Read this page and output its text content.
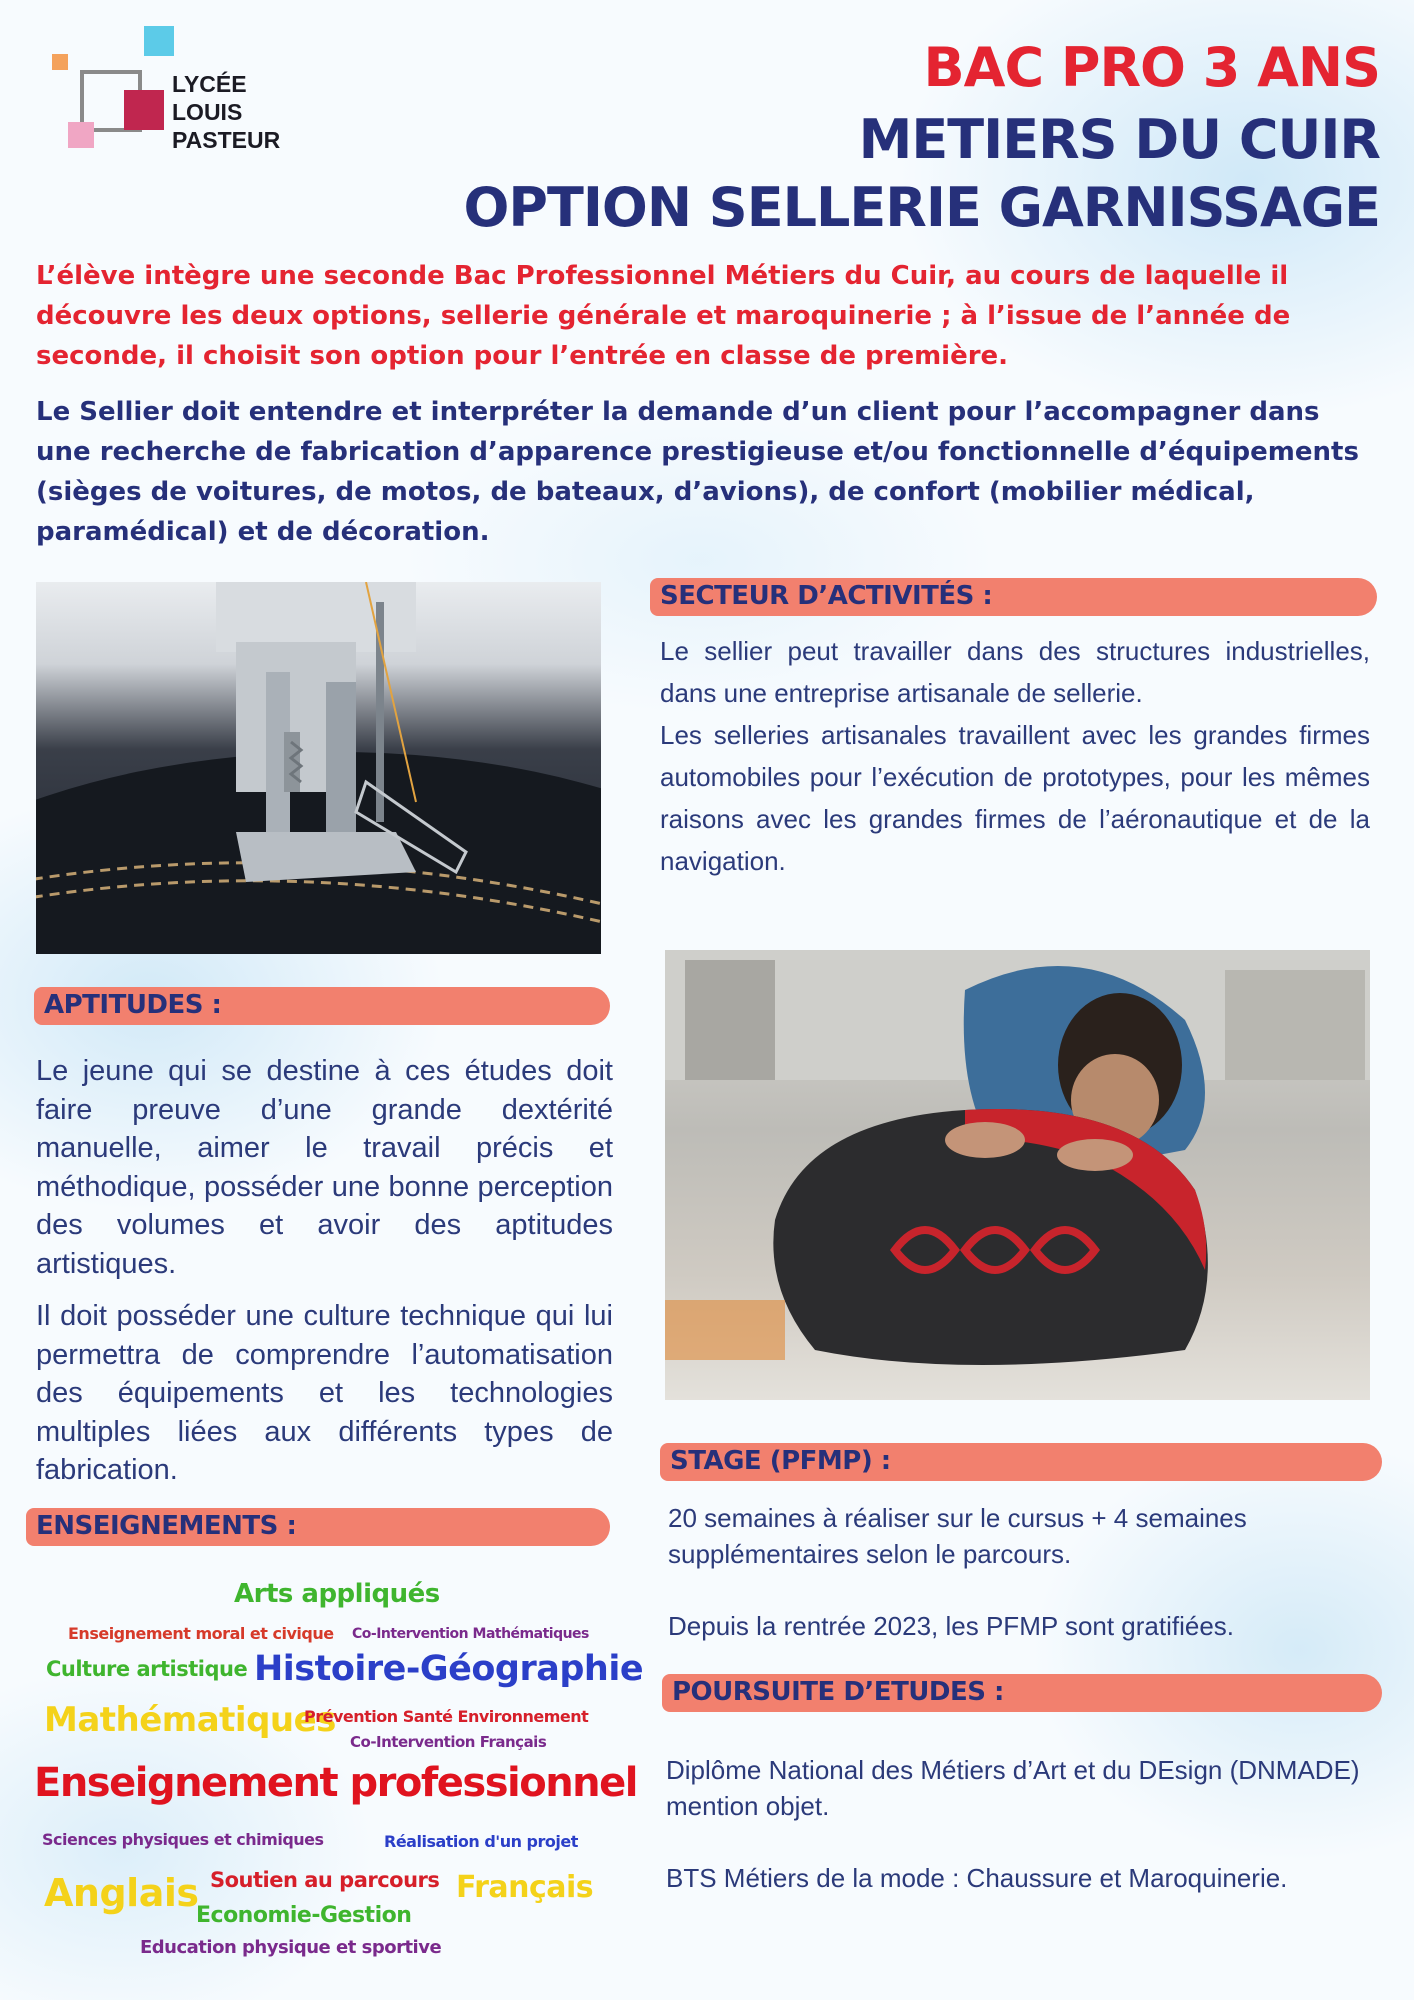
LYCÉE
LOUIS
PASTEUR
BAC PRO 3 ANS
METIERS DU CUIR
OPTION SELLERIE GARNISSAGE
L’élève intègre une seconde Bac Professionnel Métiers du Cuir, au cours de laquelle il découvre les deux options, sellerie générale et maroquinerie ; à l’issue de l’année de seconde, il choisit son option pour l’entrée en classe de première.
Le Sellier doit entendre et interpréter la demande d’un client pour l’accompagner dans une recherche de fabrication d’apparence prestigieuse et/ou fonctionnelle d’équipements (sièges de voitures, de motos, de bateaux, d’avions), de confort (mobilier médical, paramédical) et de décoration.
SECTEUR D’ACTIVITÉS :
Le sellier peut travailler dans des structures industrielles, dans une entreprise artisanale de sellerie.
Les selleries artisanales travaillent avec les grandes firmes automobiles pour l’exécution de prototypes, pour les mêmes raisons avec les grandes firmes de l’aéronautique et de la navigation.
APTITUDES :

Le jeune qui se destine à ces études doit faire preuve d’une grande dextérité manuelle, aimer le travail précis et méthodique, posséder une bonne perception des volumes et avoir des aptitudes artistiques.

Il doit posséder une culture technique qui lui permettra de comprendre l’automatisation des équipements et les technologies multiples liées aux différents types de fabrication.

ENSEIGNEMENTS :
Arts appliqués
Enseignement moral et civique Co-Intervention Mathématiques
Culture artistique Histoire-Géographie
Mathématiques
Prévention Santé Environnement
Co-Intervention Français
Enseignement professionnel
Sciences physiques et chimiques	Réalisation d'un projet
Anglais Soutien au parcours Français
Economie-Gestion
Education physique et sportive
STAGE (PFMP) :

20 semaines à réaliser sur le cursus + 4 semaines supplémentaires selon le parcours.

Depuis la rentrée 2023, les PFMP sont gratifiées.

POURSUITE D’ETUDES :

Diplôme National des Métiers d’Art et du DEsign (DNMADE) mention objet.

BTS Métiers de la mode : Chaussure et Maroquinerie.
